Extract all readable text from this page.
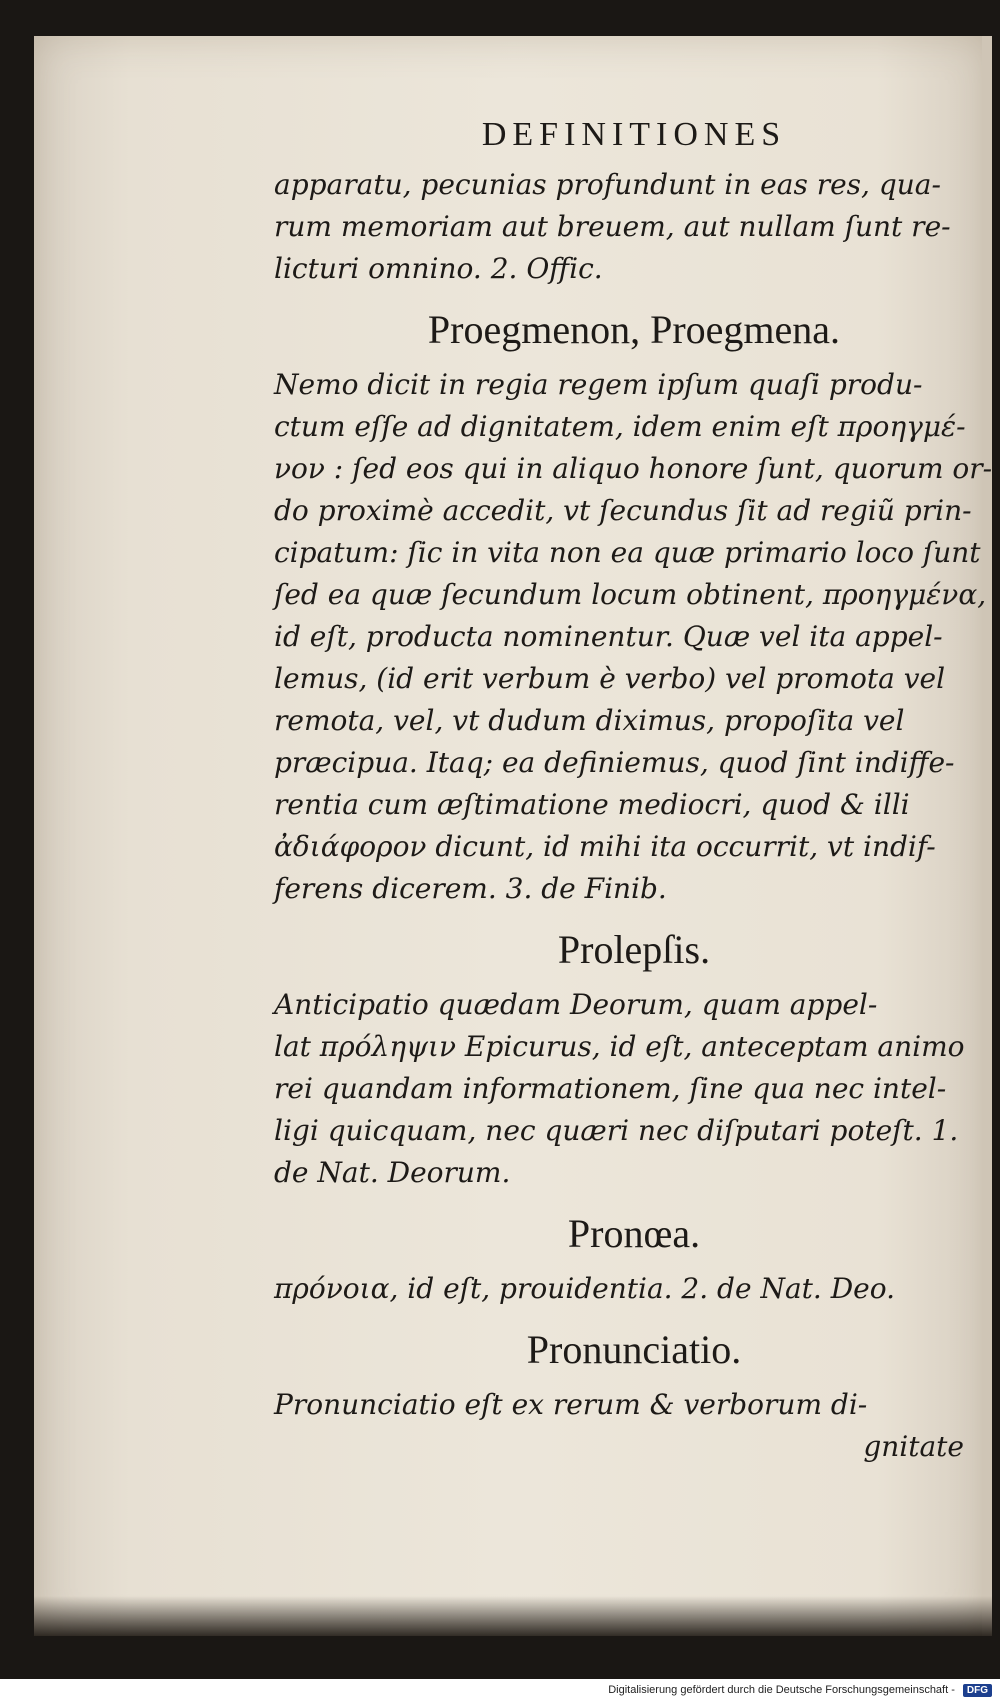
DEFINITIONES

apparatu, pecunias profundunt in eas res, qua-

rum memoriam aut breuem, aut nullam ſunt re-

licturi omnino. 2. Offic.

Proegmenon, Proegmena.

Nemo dicit in regia regem ipſum quaſi produ-

ctum eſſe ad dignitatem, idem enim eſt προηγμέ-

νον : ſed eos qui in aliquo honore ſunt, quorum or-

do proximè accedit, vt ſecundus ſit ad regiũ prin-

cipatum: ſic in vita non ea quæ primario loco ſunt

ſed ea quæ ſecundum locum obtinent, προηγμένα,

id eſt, producta nominentur. Quæ vel ita appel-

lemus, (id erit verbum è verbo) vel promota vel

remota, vel, vt dudum diximus, propoſita vel

præcipua. Itaq; ea definiemus, quod ſint indiffe-

rentia cum æſtimatione mediocri, quod & illi

ἀδιάφορον dicunt, id mihi ita occurrit, vt indif-

ferens dicerem. 3. de Finib.

Prolepſis.

Anticipatio quædam Deorum, quam appel-

lat πρόληψιν Epicurus, id eſt, anteceptam animo

rei quandam informationem, ſine qua nec intel-

ligi quicquam, nec quæri nec diſputari poteſt. 1.

de Nat. Deorum.

Pronœa.

πρόνοια, id eſt, prouidentia. 2. de Nat. Deo.

Pronunciatio.

Pronunciatio eſt ex rerum & verborum di-

gnitate

Digitalisierung gefördert durch die Deutsche Forschungsgemeinschaft -	DFG
